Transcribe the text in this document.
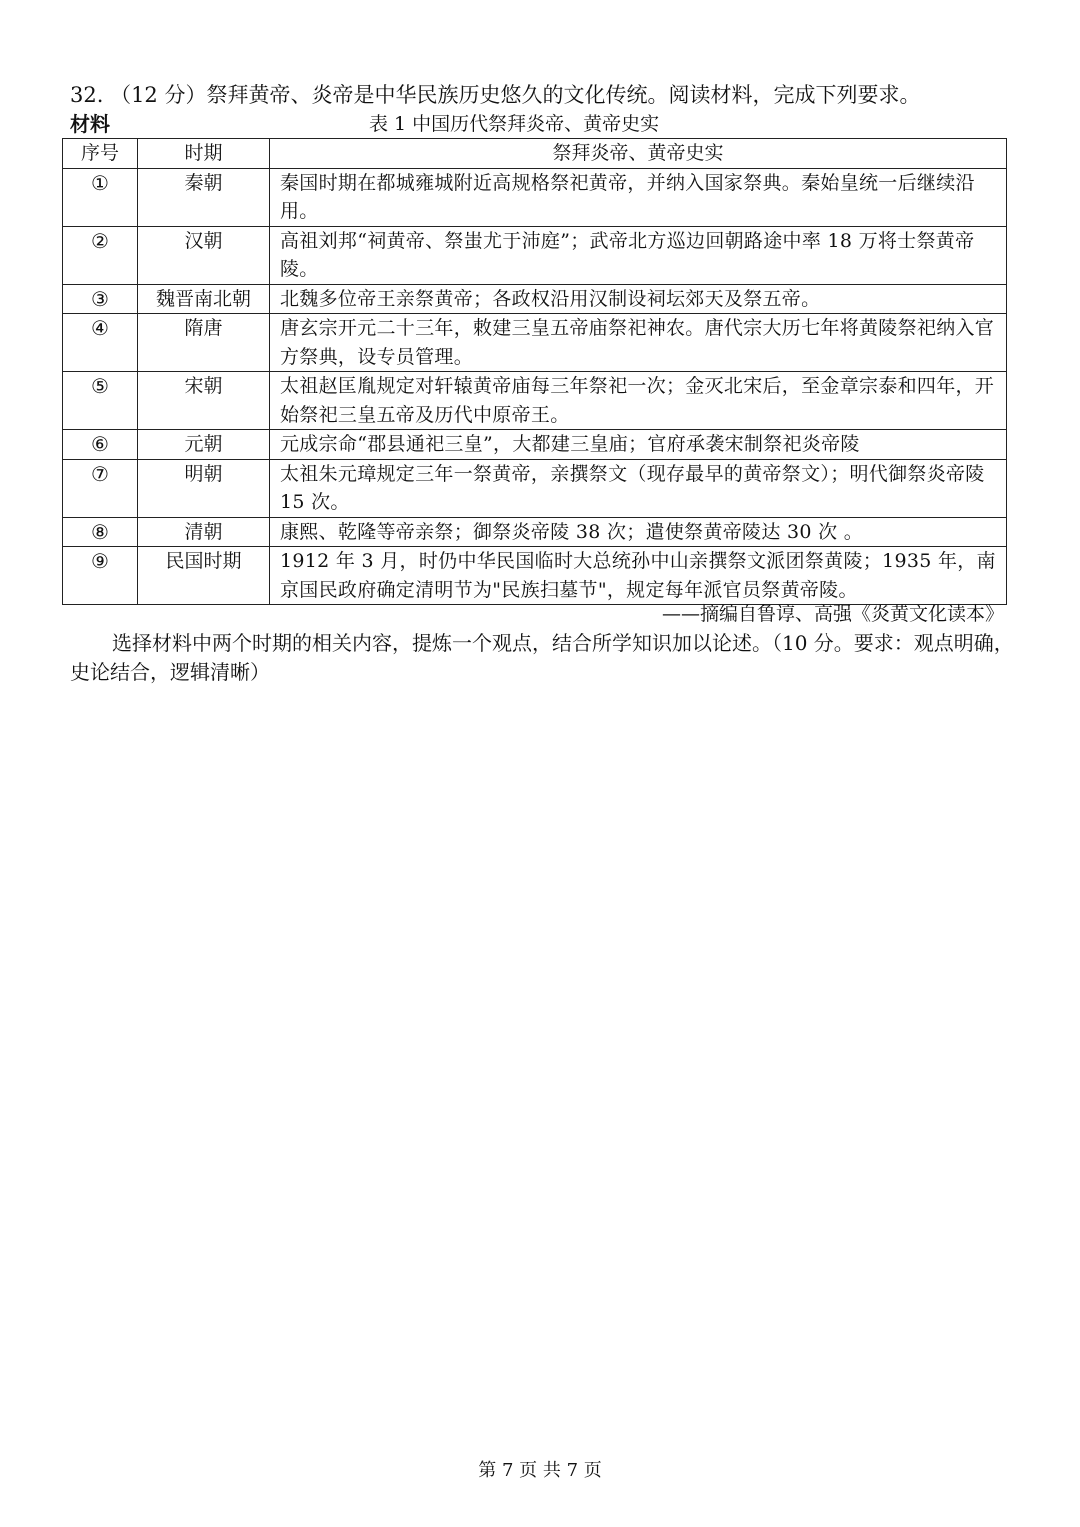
32. （12 分）祭拜黄帝、炎帝是中华民族历史悠久的文化传统。阅读材料，完成下列要求。
材料	表 1 中国历代祭拜炎帝、黄帝史实
序号	时期	祭拜炎帝、黄帝史实
①	秦朝	秦国时期在都城雍城附近高规格祭祀黄帝，并纳入国家祭典。秦始皇统一后继续沿用。
②	汉朝	高祖刘邦“祠黄帝、祭蚩尤于沛庭”；武帝北方巡边回朝路途中率 18 万将士祭黄帝陵。
③	魏晋南北朝	北魏多位帝王亲祭黄帝；各政权沿用汉制设祠坛郊天及祭五帝。
④	隋唐	唐玄宗开元二十三年，敕建三皇五帝庙祭祀神农。唐代宗大历七年将黄陵祭祀纳入官方祭典，设专员管理。
⑤	宋朝	太祖赵匡胤规定对轩辕黄帝庙每三年祭祀一次；金灭北宋后，至金章宗泰和四年，开始祭祀三皇五帝及历代中原帝王。
⑥	元朝	元成宗命“郡县通祀三皇”，大都建三皇庙；官府承袭宋制祭祀炎帝陵
⑦	明朝	太祖朱元璋规定三年一祭黄帝，亲撰祭文（现存最早的黄帝祭文）；明代御祭炎帝陵 15 次。
⑧	清朝	康熙、乾隆等帝亲祭；御祭炎帝陵 38 次；遣使祭黄帝陵达 30 次 。
⑨	民国时期	1912 年 3 月，时仍中华民国临时大总统孙中山亲撰祭文派团祭黄陵；1935 年，南京国民政府确定清明节为"民族扫墓节"，规定每年派官员祭黄帝陵。
——摘编自鲁谆、高强《炎黄文化读本》
选择材料中两个时期的相关内容，提炼一个观点，结合所学知识加以论述。（10 分。要求：观点明确，史论结合，逻辑清晰）
第 7 页 共 7 页
